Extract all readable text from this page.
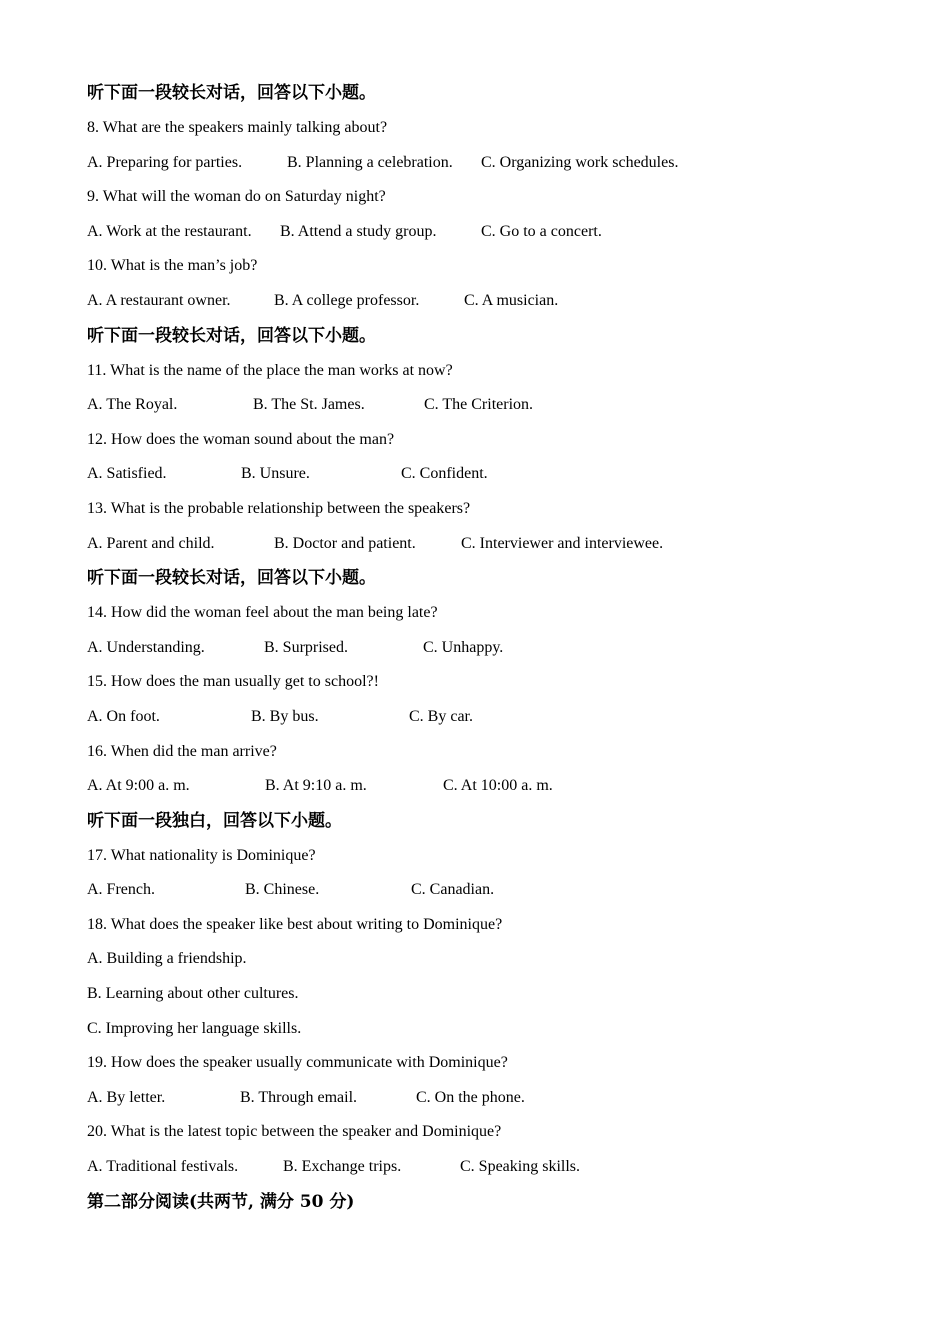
听下面一段较长对话，回答以下小题。
8. What are the speakers mainly talking about?
A. Preparing for parties.	B. Planning a celebration. C. Organizing work schedules.
9. What will the woman do on Saturday night?
A. Work at the restaurant. B. Attend a study group.	C. Go to a concert.
10. What is the man’s job?
A. A restaurant owner.	B. A college professor.	C. A musician.
听下面一段较长对话，回答以下小题。
11. What is the name of the place the man works at now?
A. The Royal.	B. The St. James.	C. The Criterion.
12. How does the woman sound about the man?
A. Satisfied.	B. Unsure.	C. Confident.
13. What is the probable relationship between the speakers?
A. Parent and child.	B. Doctor and patient.	C. Interviewer and interviewee.
听下面一段较长对话，回答以下小题。
14. How did the woman feel about the man being late?
A. Understanding.	B. Surprised.	C. Unhappy.
15. How does the man usually get to school?!
A. On foot.	B. By bus.	C. By car.
16. When did the man arrive?
A. At 9:00 a. m.	B. At 9:10 a. m.	C. At 10:00 a. m.
听下面一段独白，回答以下小题。
17. What nationality is Dominique?
A. French.	B. Chinese.	C. Canadian.
18. What does the speaker like best about writing to Dominique?
A. Building a friendship.
B. Learning about other cultures.
C. Improving her language skills.
19. How does the speaker usually communicate with Dominique?
A. By letter.	B. Through email.	C. On the phone.
20. What is the latest topic between the speaker and Dominique?
A. Traditional festivals.	B. Exchange trips.	C. Speaking skills.
第二部分阅读(共两节, 满分 50 分)
